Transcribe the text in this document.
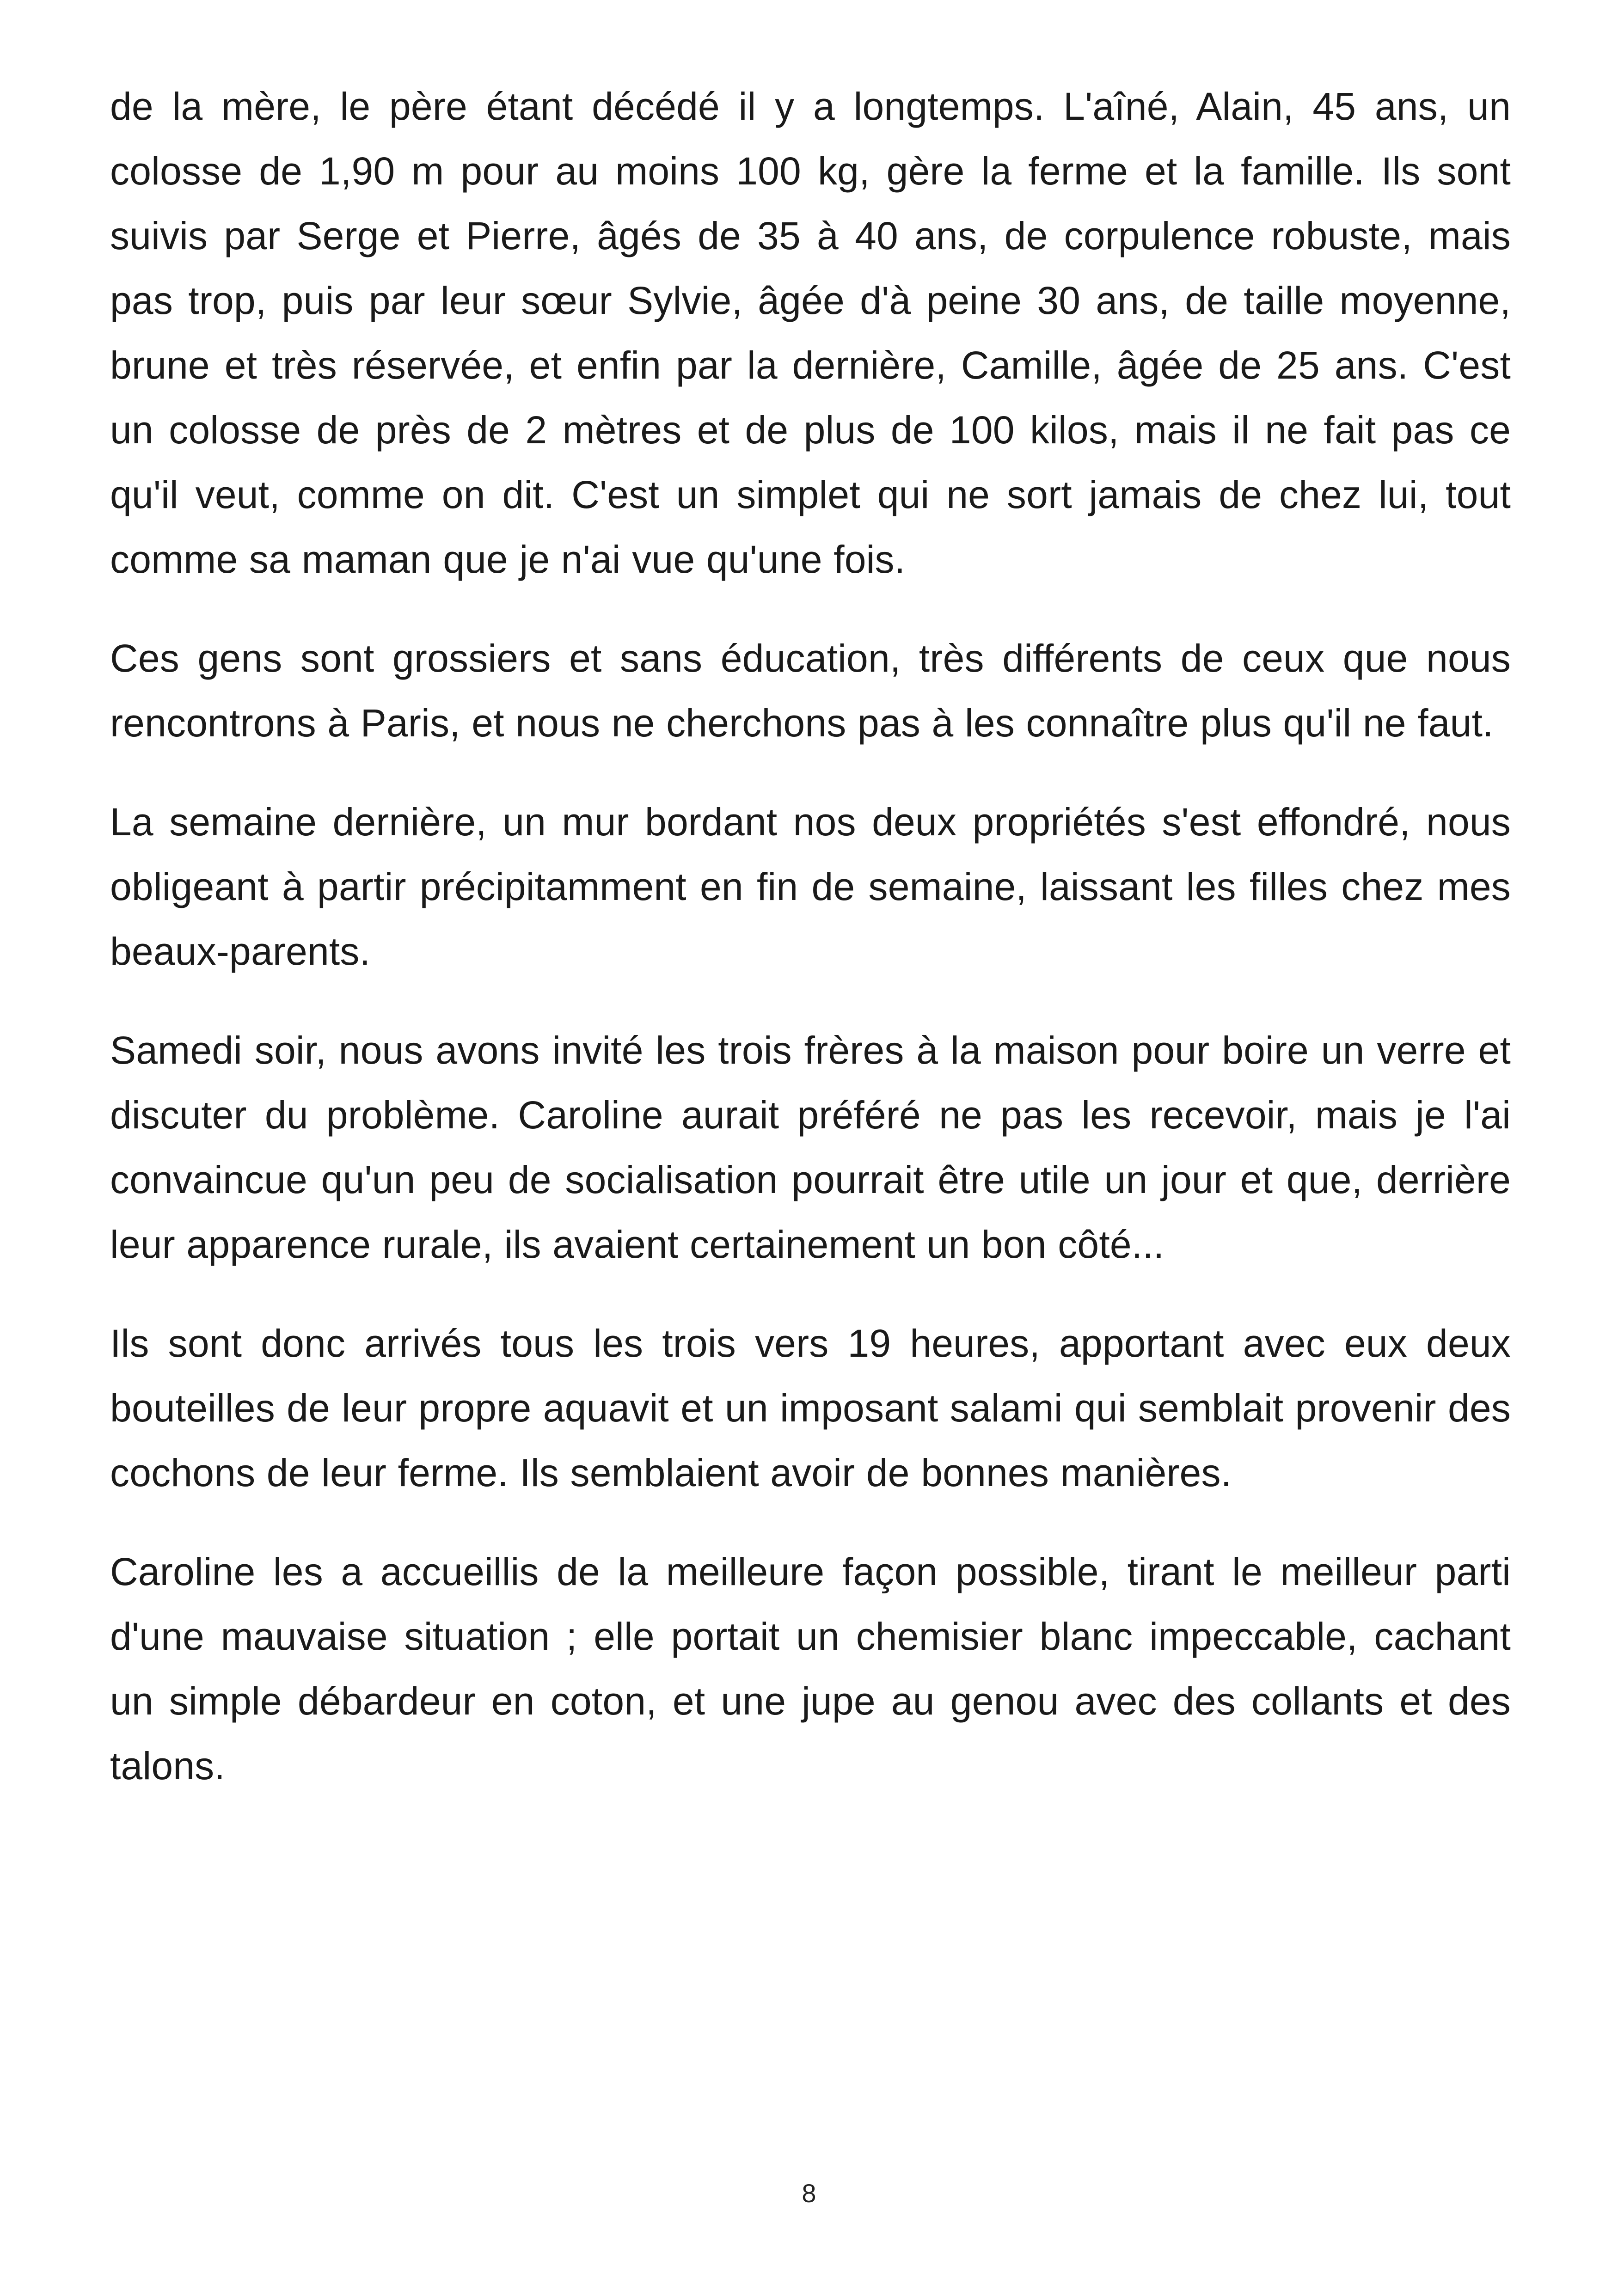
de la mère, le père étant décédé il y a longtemps. L'aîné, Alain, 45 ans, un colosse de 1,90 m pour au moins 100 kg, gère la ferme et la famille. Ils sont suivis par Serge et Pierre, âgés de 35 à 40 ans, de corpulence robuste, mais pas trop, puis par leur sœur Sylvie, âgée d'à peine 30 ans, de taille moyenne, brune et très réservée, et enfin par la dernière, Camille, âgée de 25 ans. C'est un colosse de près de 2 mètres et de plus de 100 kilos, mais il ne fait pas ce qu'il veut, comme on dit. C'est un simplet qui ne sort jamais de chez lui, tout comme sa maman que je n'ai vue qu'une fois.

Ces gens sont grossiers et sans éducation, très différents de ceux que nous rencontrons à Paris, et nous ne cherchons pas à les connaître plus qu'il ne faut.

La semaine dernière, un mur bordant nos deux propriétés s'est effondré, nous obligeant à partir précipitamment en fin de semaine, laissant les filles chez mes beaux-parents.

Samedi soir, nous avons invité les trois frères à la maison pour boire un verre et discuter du problème. Caroline aurait préféré ne pas les recevoir, mais je l'ai convaincue qu'un peu de socialisation pourrait être utile un jour et que, derrière leur apparence rurale, ils avaient certainement un bon côté...

Ils sont donc arrivés tous les trois vers 19 heures, apportant avec eux deux bouteilles de leur propre aquavit et un imposant salami qui semblait provenir des cochons de leur ferme. Ils semblaient avoir de bonnes manières.

Caroline les a accueillis de la meilleure façon possible, tirant le meilleur parti d'une mauvaise situation ; elle portait un chemisier blanc impeccable, cachant un simple débardeur en coton, et une jupe au genou avec des collants et des talons.

8
